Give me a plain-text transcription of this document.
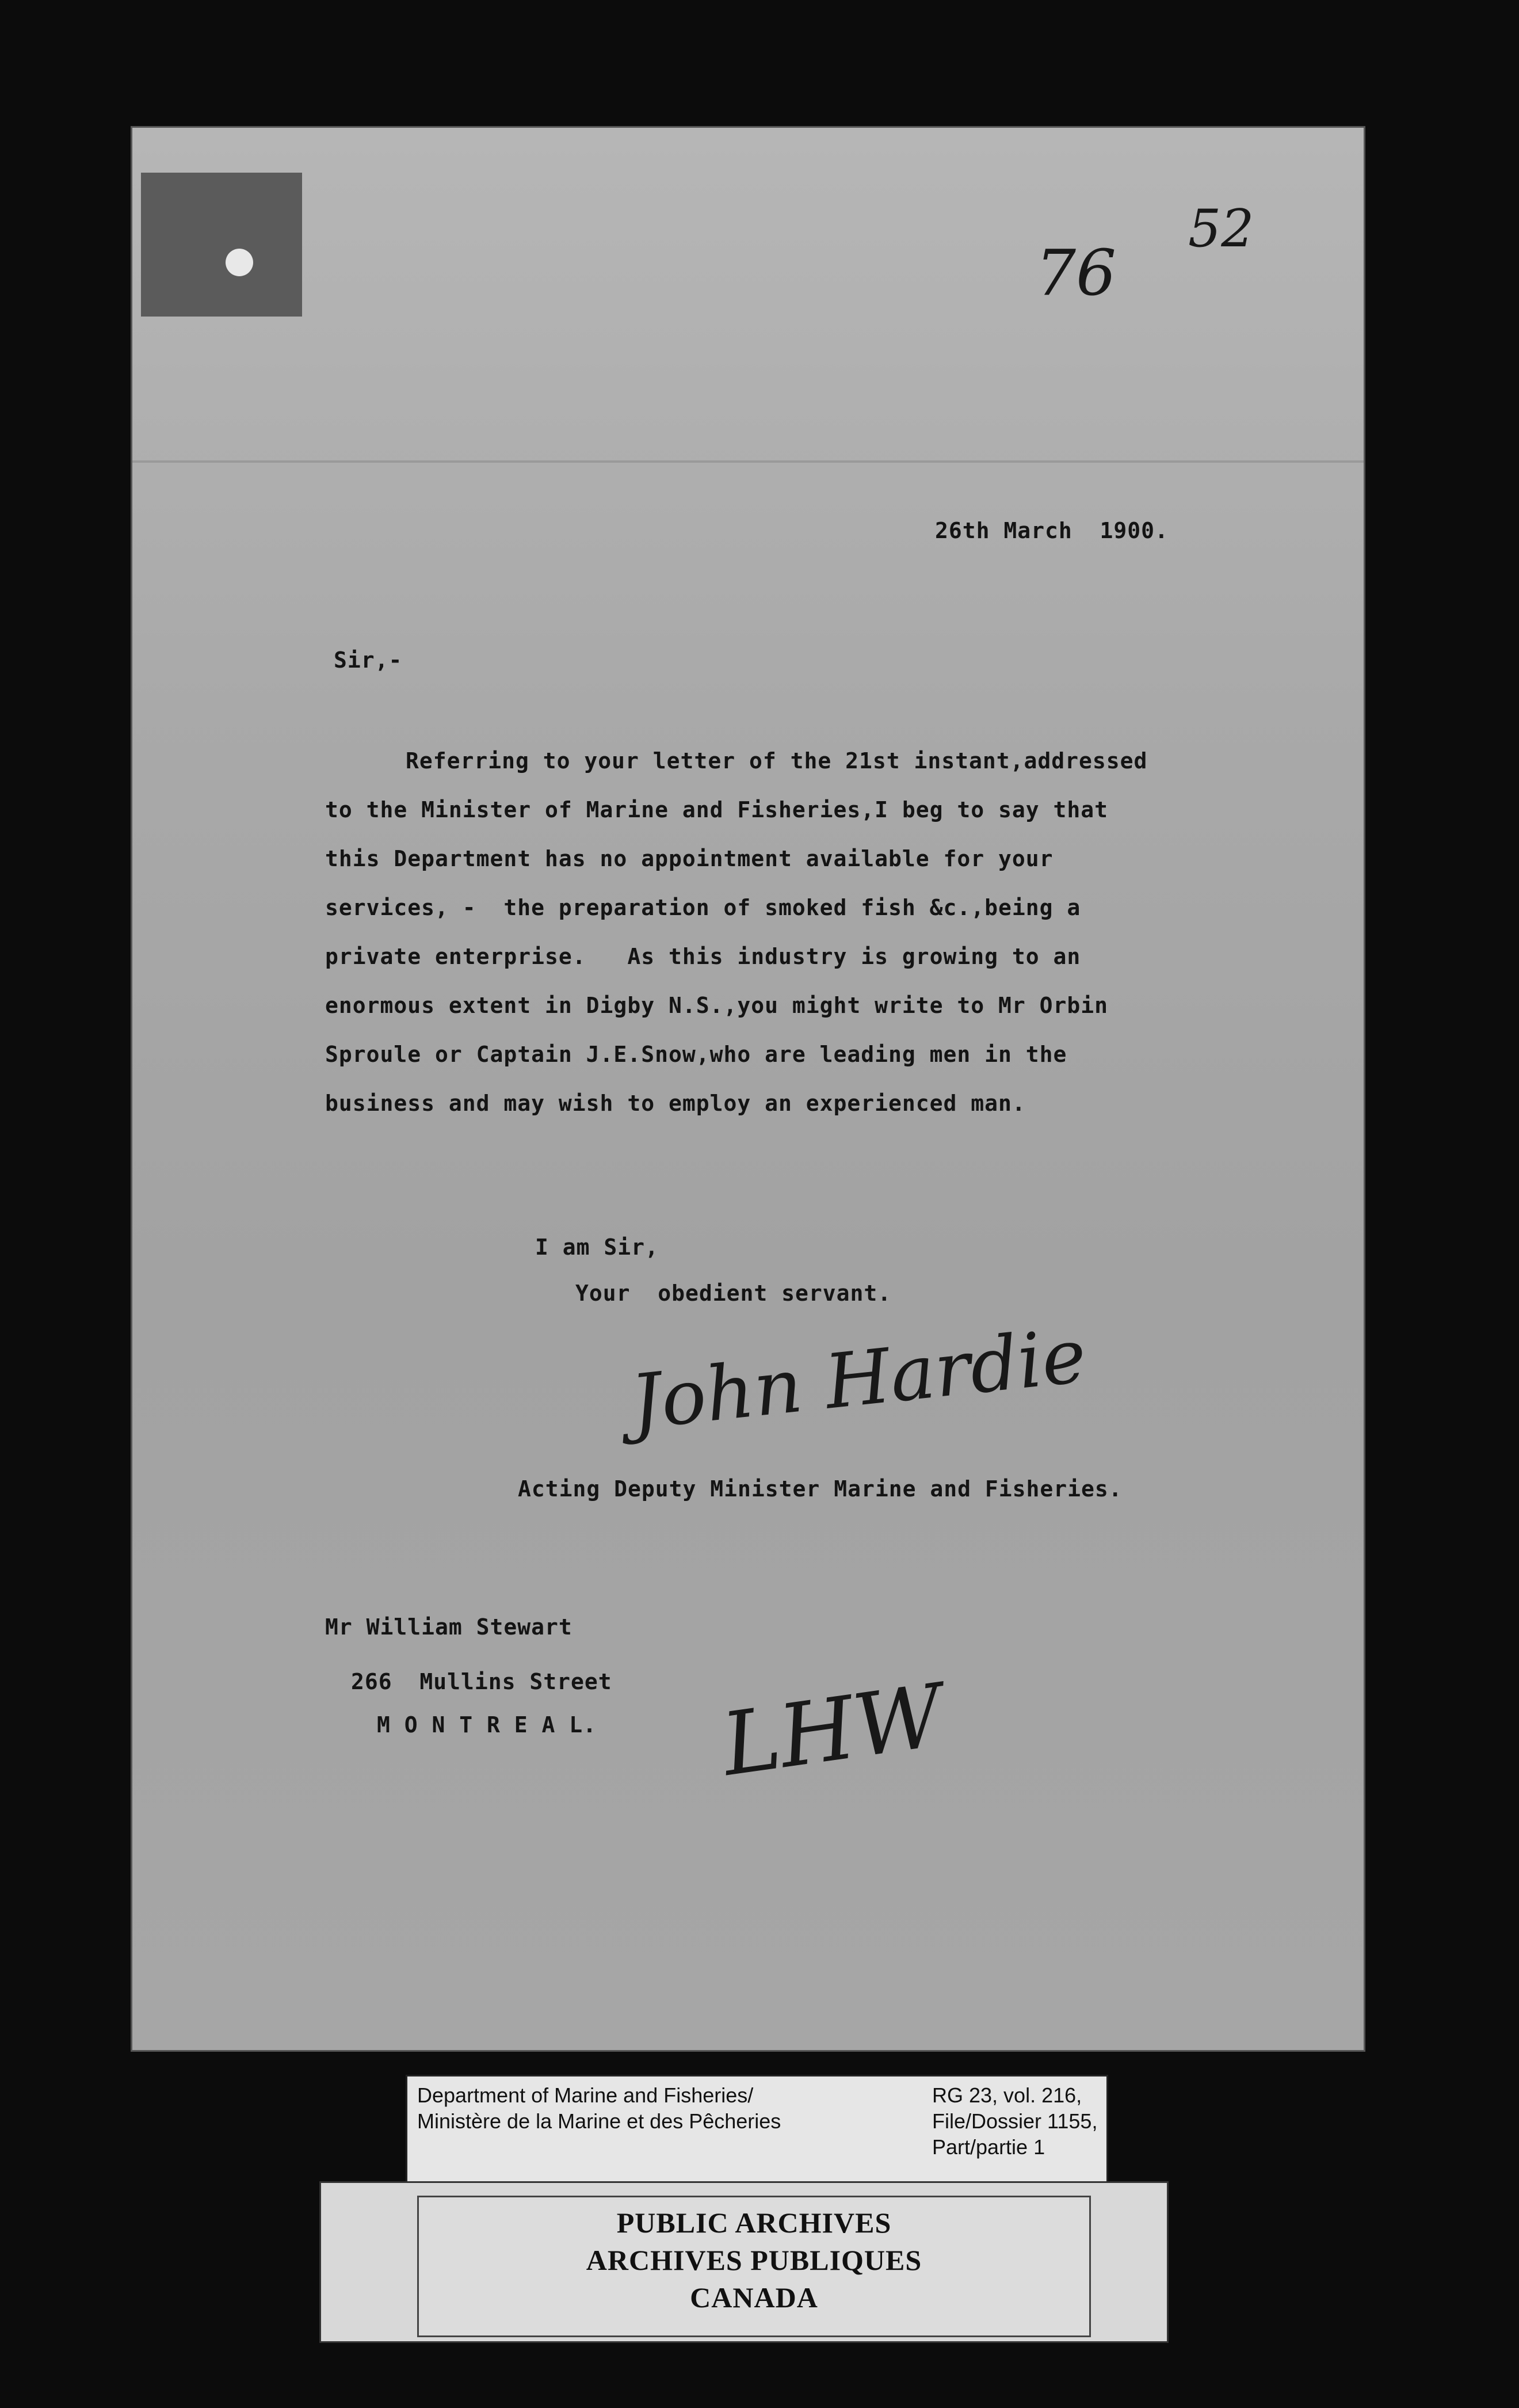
52
76
26th March  1900.
Sir,-
Referring to your letter of the 21st instant,addressed
to the Minister of Marine and Fisheries,I beg to say that
this Department has no appointment available for your
services, -  the preparation of smoked fish &c.,being a
private enterprise.   As this industry is growing to an
enormous extent in Digby N.S.,you might write to Mr Orbin
Sproule or Captain J.E.Snow,who are leading men in the
business and may wish to employ an experienced man.
I am Sir,
Your  obedient servant.
John Hardie
Acting Deputy Minister Marine and Fisheries.
Mr William Stewart
266  Mullins Street
M O N T R E A L. LHW
Department of Marine and Fisheries/
Ministère de la Marine et des Pêcheries
RG 23, vol. 216,
File/Dossier 1155,
Part/partie 1
PUBLIC ARCHIVES
ARCHIVES PUBLIQUES
CANADA
